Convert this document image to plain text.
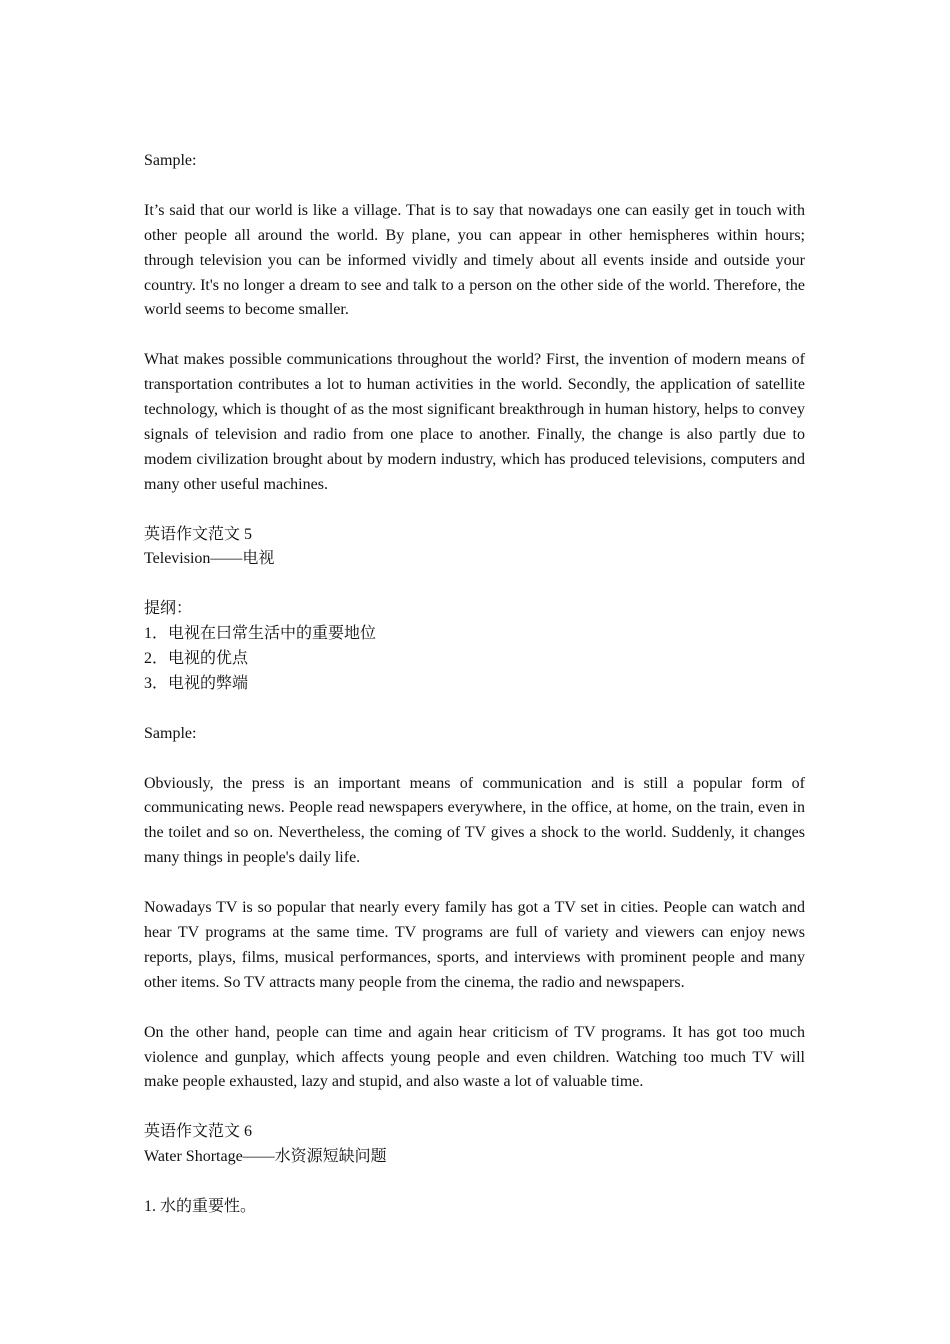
Sample:

It’s said that our world is like a village. That is to say that nowadays one can easily get in touch with other people all around the world. By plane, you can appear in other hemispheres within hours; through television you can be informed vividly and timely about all events inside and outside your country. It's no longer a dream to see and talk to a person on the other side of the world. Therefore, the world seems to become smaller.

What makes possible communications throughout the world? First, the invention of modern means of transportation contributes a lot to human activities in the world. Secondly, the application of satellite technology, which is thought of as the most significant breakthrough in human history, helps to convey signals of television and radio from one place to another. Finally, the change is also partly due to modem civilization brought about by modern industry, which has produced televisions, computers and many other useful machines.

英语作文范文 5

Television——电视

提纲：

1．电视在曰常生活中的重要地位

2．电视的优点

3．电视的弊端

Sample:

Obviously, the press is an important means of communication and is still a popular form of communicating news. People read newspapers everywhere, in the office, at home, on the train, even in the toilet and so on. Nevertheless, the coming of TV gives a shock to the world. Suddenly, it changes many things in people's daily life.

Nowadays TV is so popular that nearly every family has got a TV set in cities. People can watch and hear TV programs at the same time. TV programs are full of variety and viewers can enjoy news reports, plays, films, musical performances, sports, and interviews with prominent people and many other items. So TV attracts many people from the cinema, the radio and newspapers.

On the other hand, people can time and again hear criticism of TV programs. It has got too much violence and gunplay, which affects young people and even children. Watching too much TV will make people exhausted, lazy and stupid, and also waste a lot of valuable time.

英语作文范文 6

Water Shortage——水资源短缺问题

1. 水的重要性。
